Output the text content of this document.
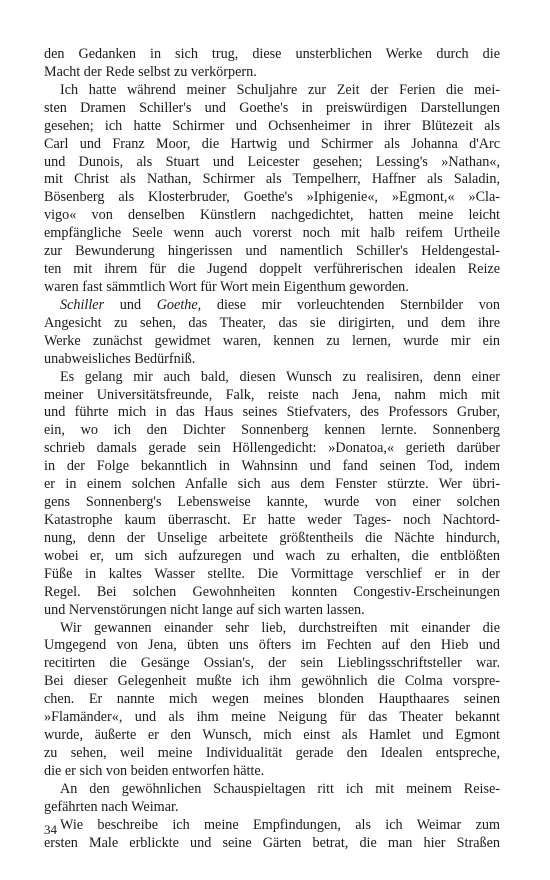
den Gedanken in sich trug, diese unsterblichen Werke durch die
Macht der Rede selbst zu verkörpern.
Ich hatte während meiner Schuljahre zur Zeit der Ferien die mei-
sten Dramen Schiller's und Goethe's in preiswürdigen Darstellungen
gesehen; ich hatte Schirmer und Ochsenheimer in ihrer Blütezeit als
Carl und Franz Moor, die Hartwig und Schirmer als Johanna d'Arc
und Dunois, als Stuart und Leicester gesehen; Lessing's »Nathan«,
mit Christ als Nathan, Schirmer als Tempelherr, Haffner als Saladin,
Bösenberg als Klosterbruder, Goethe's »Iphigenie«, »Egmont,« »Cla-
vigo« von denselben Künstlern nachgedichtet, hatten meine leicht
empfängliche Seele wenn auch vorerst noch mit halb reifem Urtheile
zur Bewunderung hingerissen und namentlich Schiller's Heldengestal-
ten mit ihrem für die Jugend doppelt verführerischen idealen Reize
waren fast sämmtlich Wort für Wort mein Eigenthum geworden.
Schiller und Goethe, diese mir vorleuchtenden Sternbilder von
Angesicht zu sehen, das Theater, das sie dirigirten, und dem ihre
Werke zunächst gewidmet waren, kennen zu lernen, wurde mir ein
unabweisliches Bedürfniß.
Es gelang mir auch bald, diesen Wunsch zu realisiren, denn einer
meiner Universitätsfreunde, Falk, reiste nach Jena, nahm mich mit
und führte mich in das Haus seines Stiefvaters, des Professors Gruber,
ein, wo ich den Dichter Sonnenberg kennen lernte. Sonnenberg
schrieb damals gerade sein Höllengedicht: »Donatoa,« gerieth darüber
in der Folge bekanntlich in Wahnsinn und fand seinen Tod, indem
er in einem solchen Anfalle sich aus dem Fenster stürzte. Wer übri-
gens Sonnenberg's Lebensweise kannte, wurde von einer solchen
Katastrophe kaum überrascht. Er hatte weder Tages- noch Nachtord-
nung, denn der Unselige arbeitete größtentheils die Nächte hindurch,
wobei er, um sich aufzuregen und wach zu erhalten, die entblößten
Füße in kaltes Wasser stellte. Die Vormittage verschlief er in der
Regel. Bei solchen Gewohnheiten konnten Congestiv-Erscheinungen
und Nervenstörungen nicht lange auf sich warten lassen.
Wir gewannen einander sehr lieb, durchstreiften mit einander die
Umgegend von Jena, übten uns öfters im Fechten auf den Hieb und
recitirten die Gesänge Ossian's, der sein Lieblingsschriftsteller war.
Bei dieser Gelegenheit mußte ich ihm gewöhnlich die Colma vorspre-
chen. Er nannte mich wegen meines blonden Haupthaares seinen
»Flamänder«, und als ihm meine Neigung für das Theater bekannt
wurde, äußerte er den Wunsch, mich einst als Hamlet und Egmont
zu sehen, weil meine Individualität gerade den Idealen entspreche,
die er sich von beiden entworfen hätte.
An den gewöhnlichen Schauspieltagen ritt ich mit meinem Reise-
gefährten nach Weimar.
Wie beschreibe ich meine Empfindungen, als ich Weimar zum
ersten Male erblickte und seine Gärten betrat, die man hier Straßen
34
